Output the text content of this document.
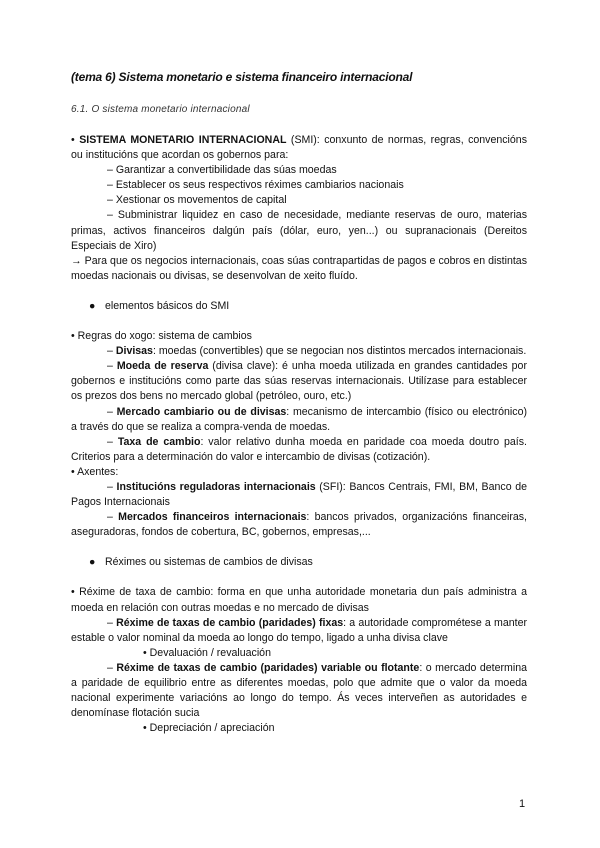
(tema 6) Sistema monetario e sistema financeiro internacional
6.1. O sistema monetario internacional

• SISTEMA MONETARIO INTERNACIONAL (SMI): conxunto de normas, regras, convencións ou institucións que acordan os gobernos para:

– Garantizar a convertibilidade das súas moedas

– Establecer os seus respectivos réximes cambiarios nacionais

– Xestionar os movementos de capital

– Subministrar liquidez en caso de necesidade, mediante reservas de ouro, materias primas, activos financeiros dalgún país (dólar, euro, yen...) ou supranacionais (Dereitos Especiais de Xiro)

→ Para que os negocios internacionais, coas súas contrapartidas de pagos e cobros en distintas moedas nacionais ou divisas, se desenvolvan de xeito fluído.

● elementos básicos do SMI

• Regras do xogo: sistema de cambios

– Divisas: moedas (convertibles) que se negocian nos distintos mercados internacionais.

– Moeda de reserva (divisa clave): é unha moeda utilizada en grandes cantidades por gobernos e institucións como parte das súas reservas internacionais. Utilízase para establecer os prezos dos bens no mercado global (petróleo, ouro, etc.)

– Mercado cambiario ou de divisas: mecanismo de intercambio (físico ou electrónico) a través do que se realiza a compra-venda de moedas.

– Taxa de cambio: valor relativo dunha moeda en paridade coa moeda doutro país. Criterios para a determinación do valor e intercambio de divisas (cotización).

• Axentes:

– Institucións reguladoras internacionais (SFI): Bancos Centrais, FMI, BM, Banco de Pagos Internacionais

– Mercados financeiros internacionais: bancos privados, organizacións financeiras, aseguradoras, fondos de cobertura, BC, gobernos, empresas,...

● Réximes ou sistemas de cambios de divisas

• Réxime de taxa de cambio: forma en que unha autoridade monetaria dun país administra a moeda en relación con outras moedas e no mercado de divisas

– Réxime de taxas de cambio (paridades) fixas: a autoridade comprométese a manter estable o valor nominal da moeda ao longo do tempo, ligado a unha divisa clave

• Devaluación / revaluación

– Réxime de taxas de cambio (paridades) variable ou flotante: o mercado determina a paridade de equilibrio entre as diferentes moedas, polo que admite que o valor da moeda nacional experimente variacións ao longo do tempo. Ás veces interveñen as autoridades e denomínase flotación sucia

• Depreciación / apreciación

1
